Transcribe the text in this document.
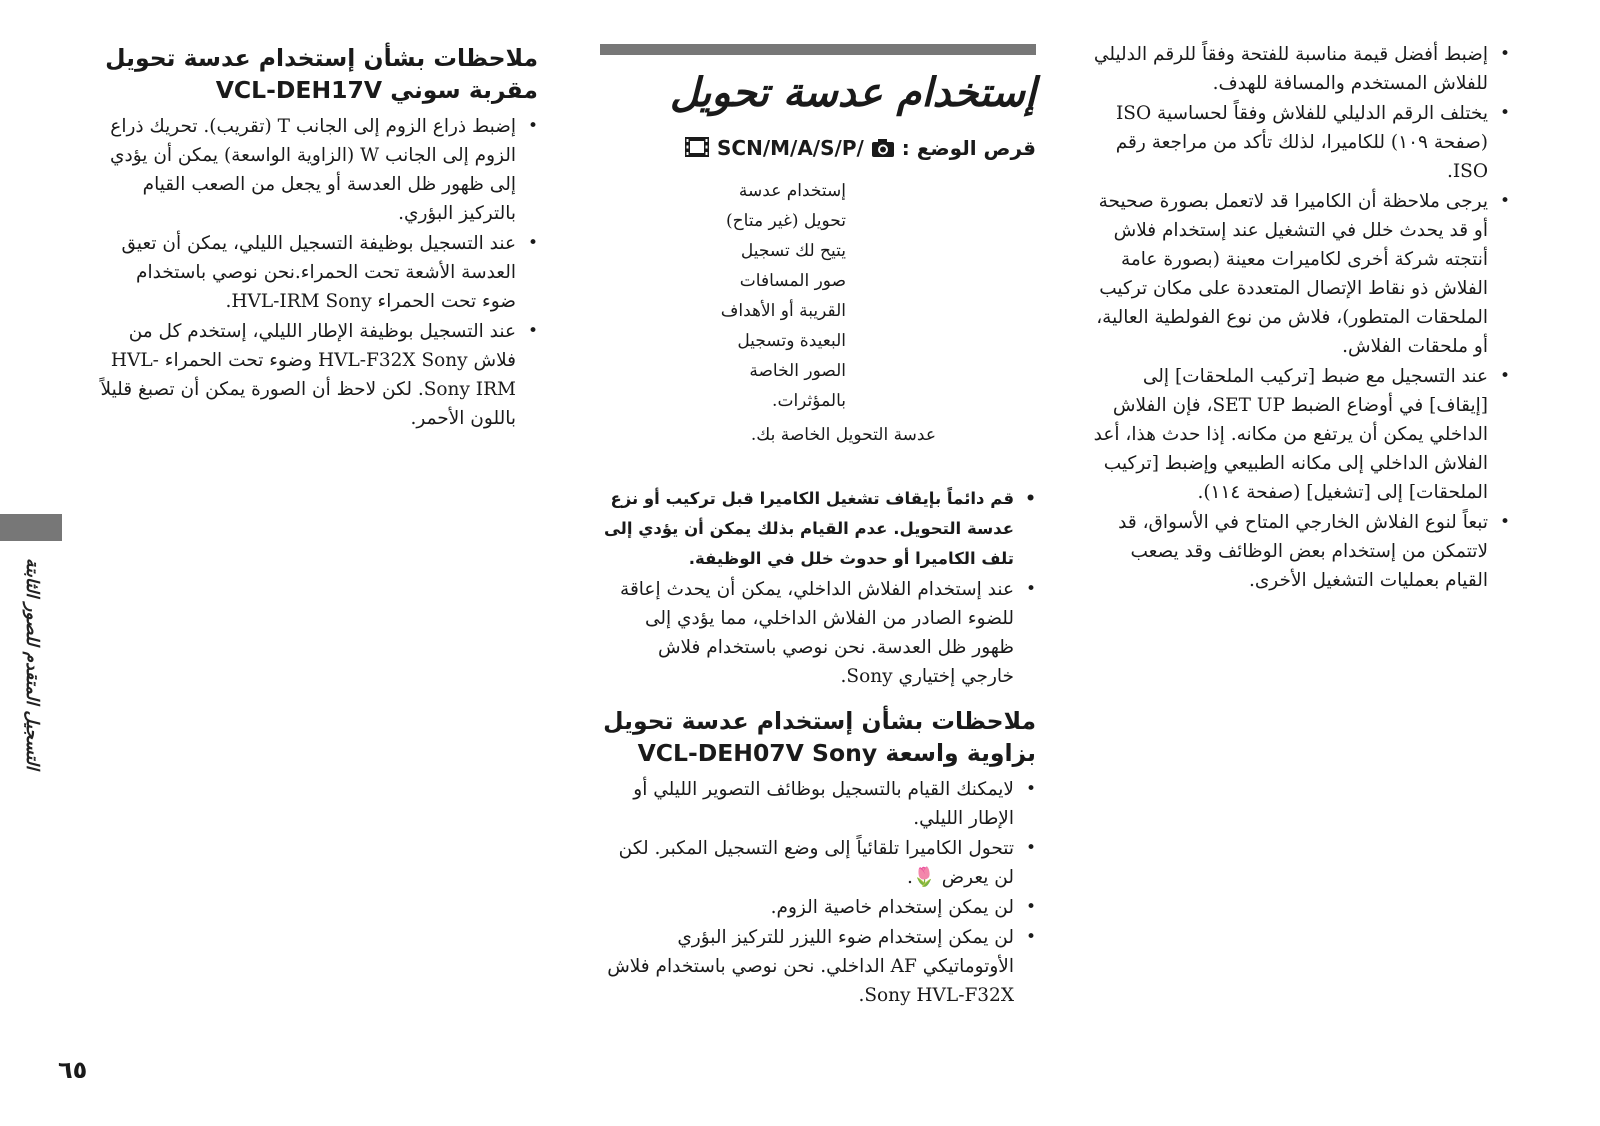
• إضبط أفضل قيمة مناسبة للفتحة وفقاً للرقم الدليلي للفلاش المستخدم والمسافة للهدف.
• يختلف الرقم الدليلي للفلاش وفقاً لحساسية ISO (صفحة ١٠٩) للكاميرا، لذلك تأكد من مراجعة رقم ISO.
• يرجى ملاحظة أن الكاميرا قد لاتعمل بصورة صحيحة أو قد يحدث خلل في التشغيل عند إستخدام فلاش أنتجته شركة أخرى لكاميرات معينة (بصورة عامة الفلاش ذو نقاط الإتصال المتعددة على مكان تركيب الملحقات المتطور)، فلاش من نوع الفولطية العالية، أو ملحقات الفلاش.
• عند التسجيل مع ضبط [تركيب الملحقات] إلى [إيقاف] في أوضاع الضبط SET UP، فإن الفلاش الداخلي يمكن أن يرتفع من مكانه. إذا حدث هذا، أعد الفلاش الداخلي إلى مكانه الطبيعي وإضبط [تركيب الملحقات] إلى [تشغيل] (صفحة ١١٤).
• تبعاً لنوع الفلاش الخارجي المتاح في الأسواق، قد لاتتمكن من إستخدام بعض الوظائف وقد يصعب القيام بعمليات التشغيل الأخرى.
إستخدام عدسة تحويل
قرص الوضع :  SCN/M/A/S/P/

إستخدام عدسة تحويل (غير متاح) يتيح لك تسجيل صور المسافات القريبة أو الأهداف البعيدة وتسجيل الصور الخاصة بالمؤثرات.

عدسة التحويل الخاصة بك.

• قم دائماً بإيقاف تشغيل الكاميرا قبل تركيب أو نزع عدسة التحويل. عدم القيام بذلك يمكن أن يؤدي إلى تلف الكاميرا أو حدوث خلل في الوظيفة.
• عند إستخدام الفلاش الداخلي، يمكن أن يحدث إعاقة للضوء الصادر من الفلاش الداخلي، مما يؤدي إلى ظهور ظل العدسة. نحن نوصي باستخدام فلاش خارجي إختياري Sony.
ملاحظات بشأن إستخدام عدسة تحويل
بزاوية واسعة VCL-DEH07V Sony
• لايمكنك القيام بالتسجيل بوظائف التصوير الليلي أو الإطار الليلي.
• تتحول الكاميرا تلقائياً إلى وضع التسجيل المكبر. لكن لن يعرض 🌷.
• لن يمكن إستخدام خاصية الزوم.
• لن يمكن إستخدام ضوء الليزر للتركيز البؤري الأوتوماتيكي AF الداخلي. نحن نوصي باستخدام فلاش Sony HVL-F32X.
ملاحظات بشأن إستخدام عدسة تحويل
مقربة سوني VCL-DEH17V
• إضبط ذراع الزوم إلى الجانب T (تقريب). تحريك ذراع الزوم إلى الجانب W (الزاوية الواسعة) يمكن أن يؤدي إلى ظهور ظل العدسة أو يجعل من الصعب القيام بالتركيز البؤري.
• عند التسجيل بوظيفة التسجيل الليلي، يمكن أن تعيق العدسة الأشعة تحت الحمراء.نحن نوصي باستخدام ضوء تحت الحمراء HVL-IRM Sony.
• عند التسجيل بوظيفة الإطار الليلي، إستخدم كل من فلاش HVL-F32X Sony وضوء تحت الحمراء HVL- Sony IRM. لكن لاحظ أن الصورة يمكن أن تصبغ قليلاً باللون الأحمر.
التسجيل المتقدم للصور الثابتة
٦٥
